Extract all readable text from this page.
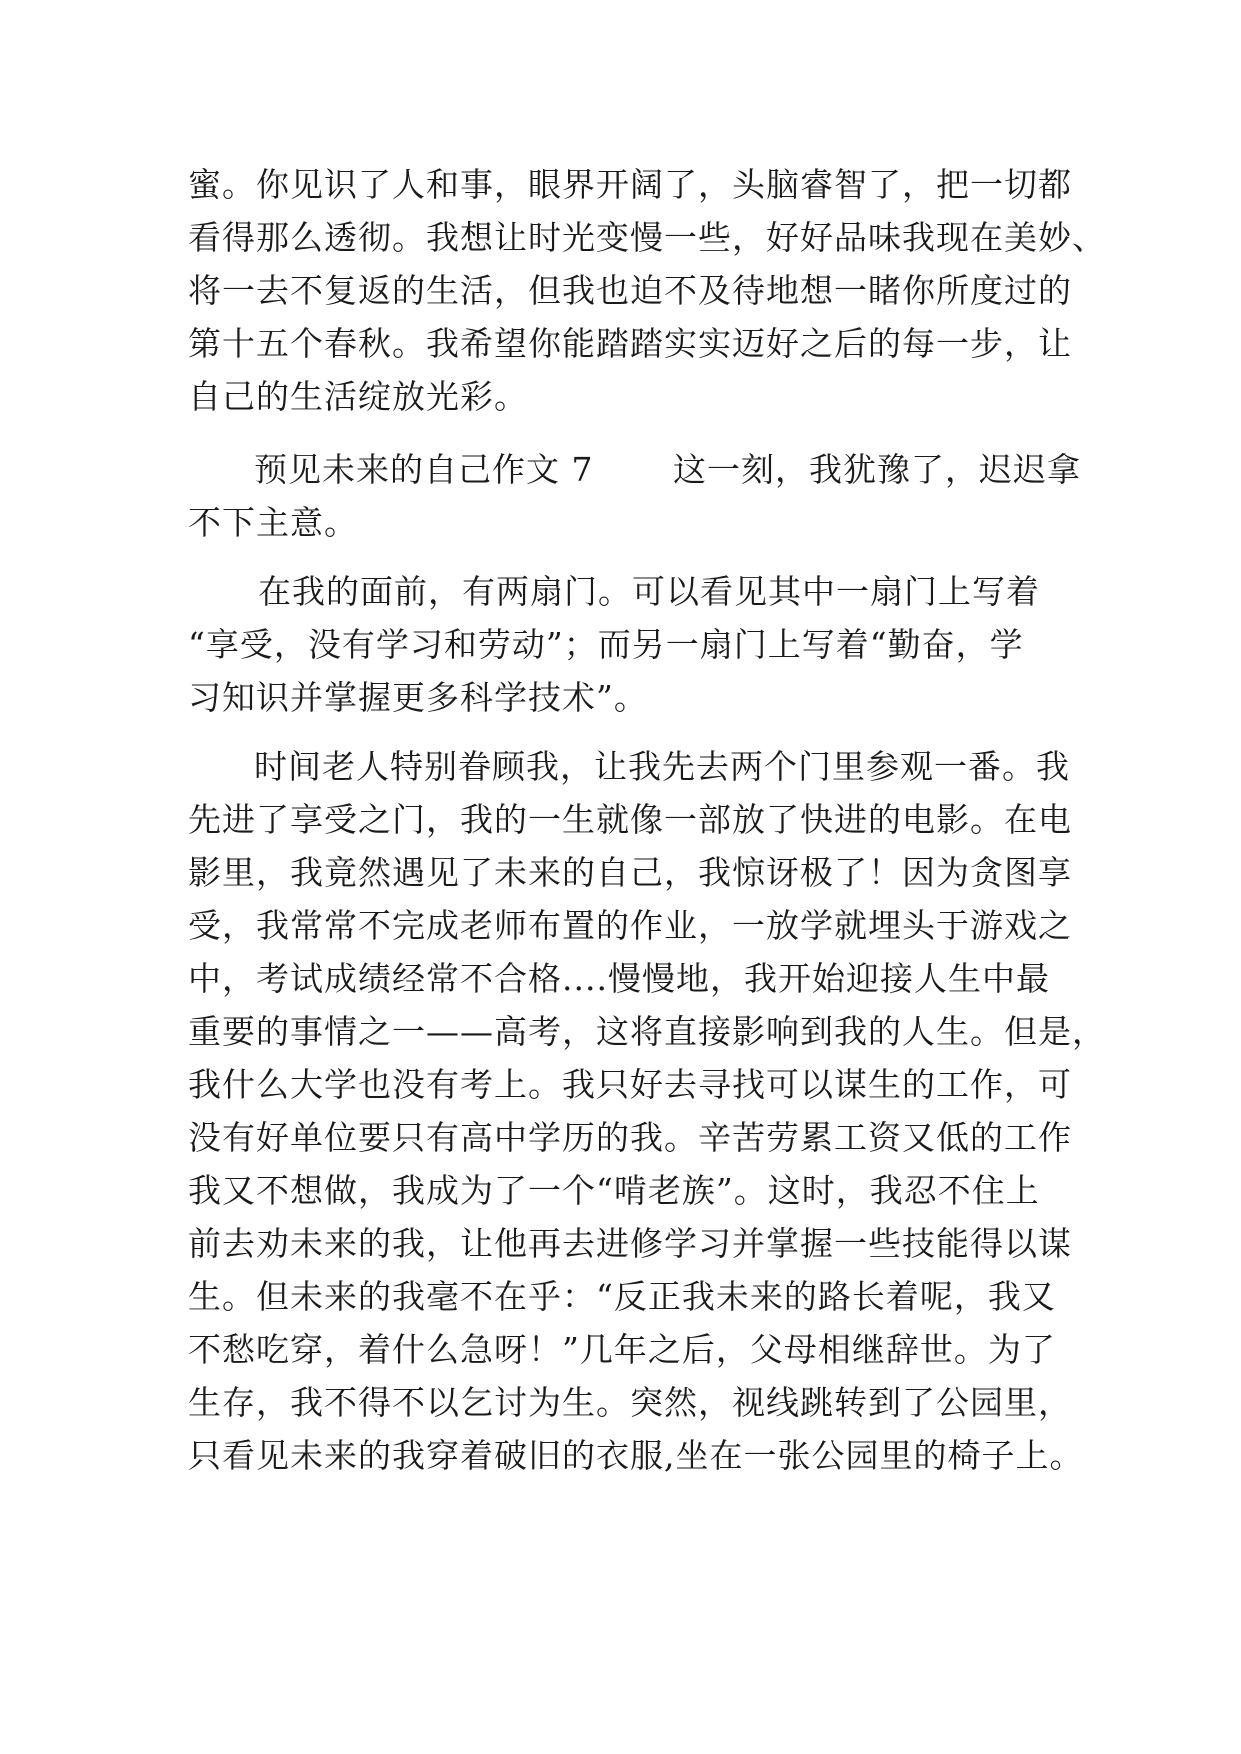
蜜。你见识了人和事，眼界开阔了，头脑睿智了，把一切都
看得那么透彻。我想让时光变慢一些，好好品味我现在美妙、
将一去不复返的生活，但我也迫不及待地想一睹你所度过的
第十五个春秋。我希望你能踏踏实实迈好之后的每一步，让
自己的生活绽放光彩。
预见未来的自己作文 7　　 这一刻，我犹豫了，迟迟拿
不下主意。
在我的面前，有两扇门。可以看见其中一扇门上写着
“享受，没有学习和劳动”；而另一扇门上写着“勤奋，学
习知识并掌握更多科学技术”。
时间老人特别眷顾我，让我先去两个门里参观一番。我
先进了享受之门，我的一生就像一部放了快进的电影。在电
影里，我竟然遇见了未来的自己，我惊讶极了！因为贪图享
受，我常常不完成老师布置的作业，一放学就埋头于游戏之
中，考试成绩经常不合格....慢慢地，我开始迎接人生中最
重要的事情之一——高考，这将直接影响到我的人生。但是，
我什么大学也没有考上。我只好去寻找可以谋生的工作，可
没有好单位要只有高中学历的我。辛苦劳累工资又低的工作
我又不想做，我成为了一个“啃老族”。这时，我忍不住上
前去劝未来的我，让他再去进修学习并掌握一些技能得以谋
生。但未来的我毫不在乎：“反正我未来的路长着呢，我又
不愁吃穿，着什么急呀！”几年之后，父母相继辞世。为了
生存，我不得不以乞讨为生。突然，视线跳转到了公园里，
只看见未来的我穿着破旧的衣服,坐在一张公园里的椅子上。
